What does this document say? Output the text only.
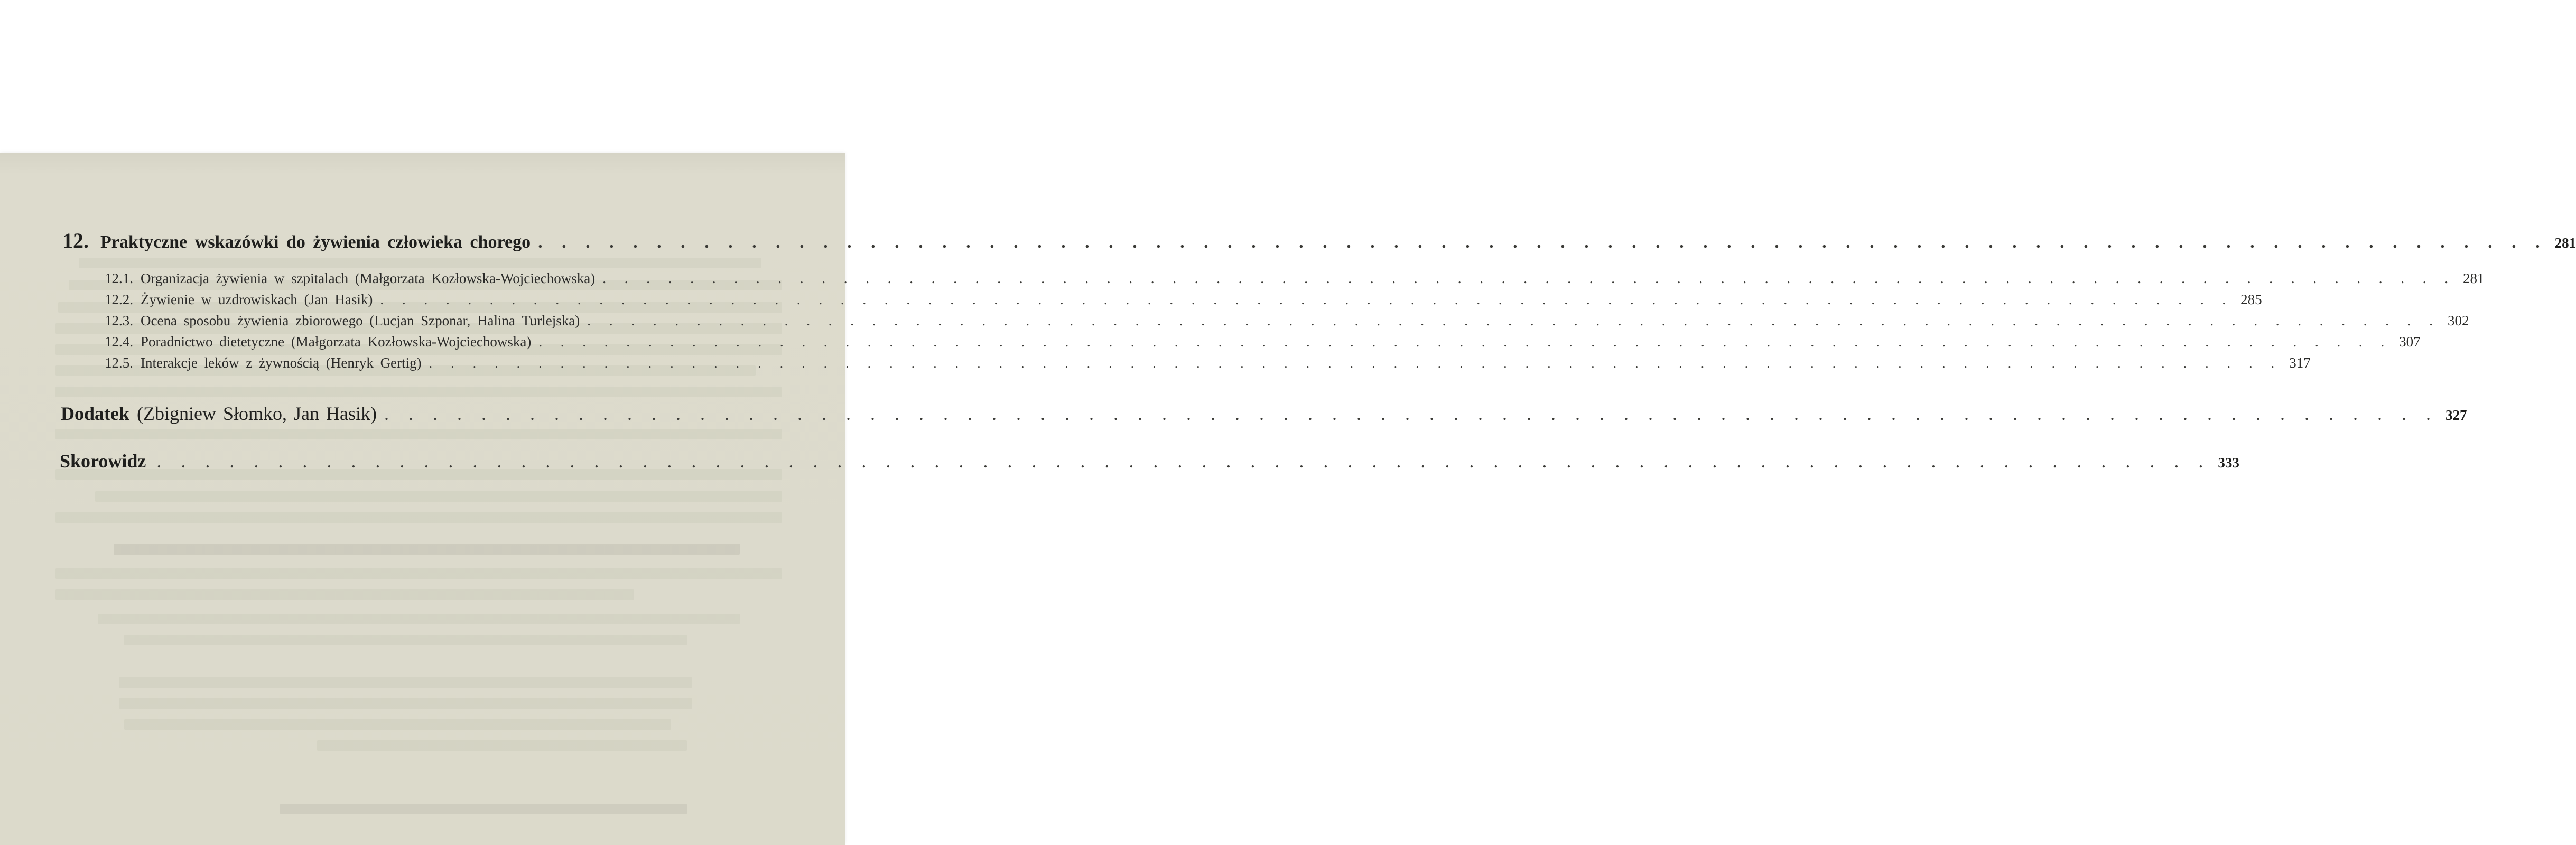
12. Praktyczne wskazówki do żywienia człowieka chorego . . . . . . . . . . . . . . . . . . . . . . . . . . . . . . . . . . . . . . . . . . . . . . . . . . . . . . . . . . . . . . . . . . . . . . . . . . . . . . . . . . . . . 281
12.1. Organizacja żywienia w szpitalach (Małgorzata Kozłowska-Wojciechowska) . . . . . . . . . . . . . . . . . . . . . . . . . . . . . . . . . . . . . . . . . . . . . . . . . . . . . . . . . . . . . . . . . . . . . . . . . . . . . . . . . . . . . 281
12.2. Żywienie w uzdrowiskach (Jan Hasik) . . . . . . . . . . . . . . . . . . . . . . . . . . . . . . . . . . . . . . . . . . . . . . . . . . . . . . . . . . . . . . . . . . . . . . . . . . . . . . . . . . . . . 285
12.3. Ocena sposobu żywienia zbiorowego (Lucjan Szponar, Halina Turlejska) . . . . . . . . . . . . . . . . . . . . . . . . . . . . . . . . . . . . . . . . . . . . . . . . . . . . . . . . . . . . . . . . . . . . . . . . . . . . . . . . . . . . . 302
12.4. Poradnictwo dietetyczne (Małgorzata Kozłowska-Wojciechowska) . . . . . . . . . . . . . . . . . . . . . . . . . . . . . . . . . . . . . . . . . . . . . . . . . . . . . . . . . . . . . . . . . . . . . . . . . . . . . . . . . . . . . 307
12.5. Interakcje leków z żywnością (Henryk Gertig) . . . . . . . . . . . . . . . . . . . . . . . . . . . . . . . . . . . . . . . . . . . . . . . . . . . . . . . . . . . . . . . . . . . . . . . . . . . . . . . . . . . . . 317
Dodatek (Zbigniew Słomko, Jan Hasik) . . . . . . . . . . . . . . . . . . . . . . . . . . . . . . . . . . . . . . . . . . . . . . . . . . . . . . . . . . . . . . . . . . . . . . . . . . . . . . . . . . . . . 327
Skorowidz . . . . . . . . . . . . . . . . . . . . . . . . . . . . . . . . . . . . . . . . . . . . . . . . . . . . . . . . . . . . . . . . . . . . . . . . . . . . . . . . . . . . . 333
